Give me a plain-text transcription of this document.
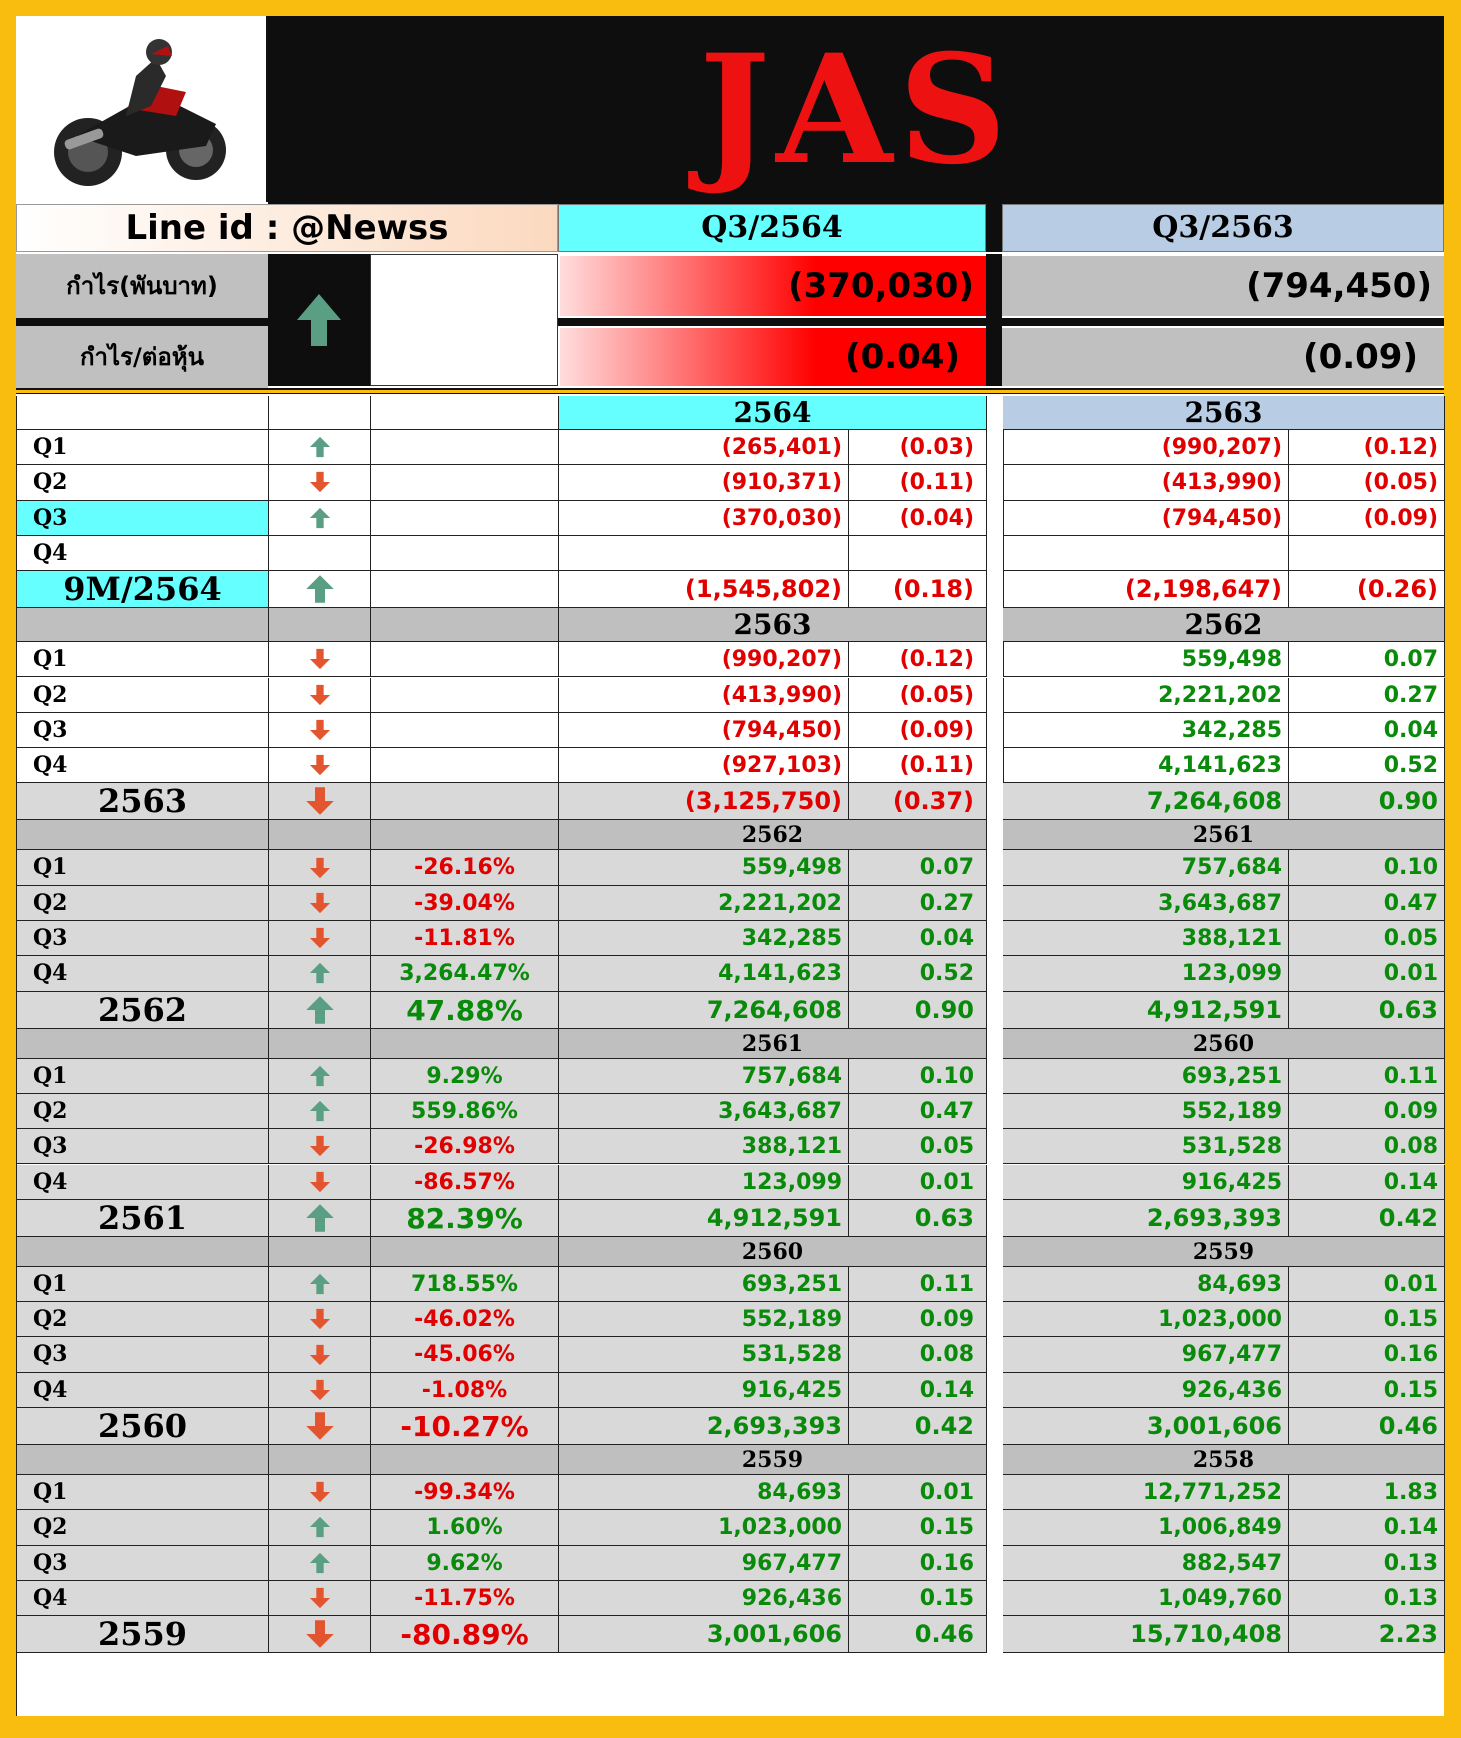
JAS
Line id : @Newss	Q3/2564	Q3/2563
กำไร(พันบาท)	(370,030)	(794,450)
กำไร/ต่อหุ้น	(0.04)	(0.09)
2564	2563
Q1	(265,401)	(0.03)	(990,207)	(0.12)
Q2	(910,371)	(0.11)	(413,990)	(0.05)
Q3	(370,030)	(0.04)	(794,450)	(0.09)
Q4
9M/2564	(1,545,802)	(0.18)	(2,198,647)	(0.26)
2563	2562
Q1	(990,207)	(0.12)	559,498	0.07
Q2	(413,990)	(0.05)	2,221,202	0.27
Q3	(794,450)	(0.09)	342,285	0.04
Q4	(927,103)	(0.11)	4,141,623	0.52
2563	(3,125,750)	(0.37)	7,264,608	0.90
2562	2561
Q1	-26.16%	559,498	0.07	757,684	0.10
Q2	-39.04%	2,221,202	0.27	3,643,687	0.47
Q3	-11.81%	342,285	0.04	388,121	0.05
Q4	3,264.47%	4,141,623	0.52	123,099	0.01
2562	47.88%	7,264,608	0.90	4,912,591	0.63
2561	2560
Q1	9.29%	757,684	0.10	693,251	0.11
Q2	559.86%	3,643,687	0.47	552,189	0.09
Q3	-26.98%	388,121	0.05	531,528	0.08
Q4	-86.57%	123,099	0.01	916,425	0.14
2561	82.39%	4,912,591	0.63	2,693,393	0.42
2560	2559
Q1	718.55%	693,251	0.11	84,693	0.01
Q2	-46.02%	552,189	0.09	1,023,000	0.15
Q3	-45.06%	531,528	0.08	967,477	0.16
Q4	-1.08%	916,425	0.14	926,436	0.15
2560	-10.27%	2,693,393	0.42	3,001,606	0.46
2559	2558
Q1	-99.34%	84,693	0.01	12,771,252	1.83
Q2	1.60%	1,023,000	0.15	1,006,849	0.14
Q3	9.62%	967,477	0.16	882,547	0.13
Q4	-11.75%	926,436	0.15	1,049,760	0.13
2559	-80.89%	3,001,606	0.46	15,710,408	2.23
